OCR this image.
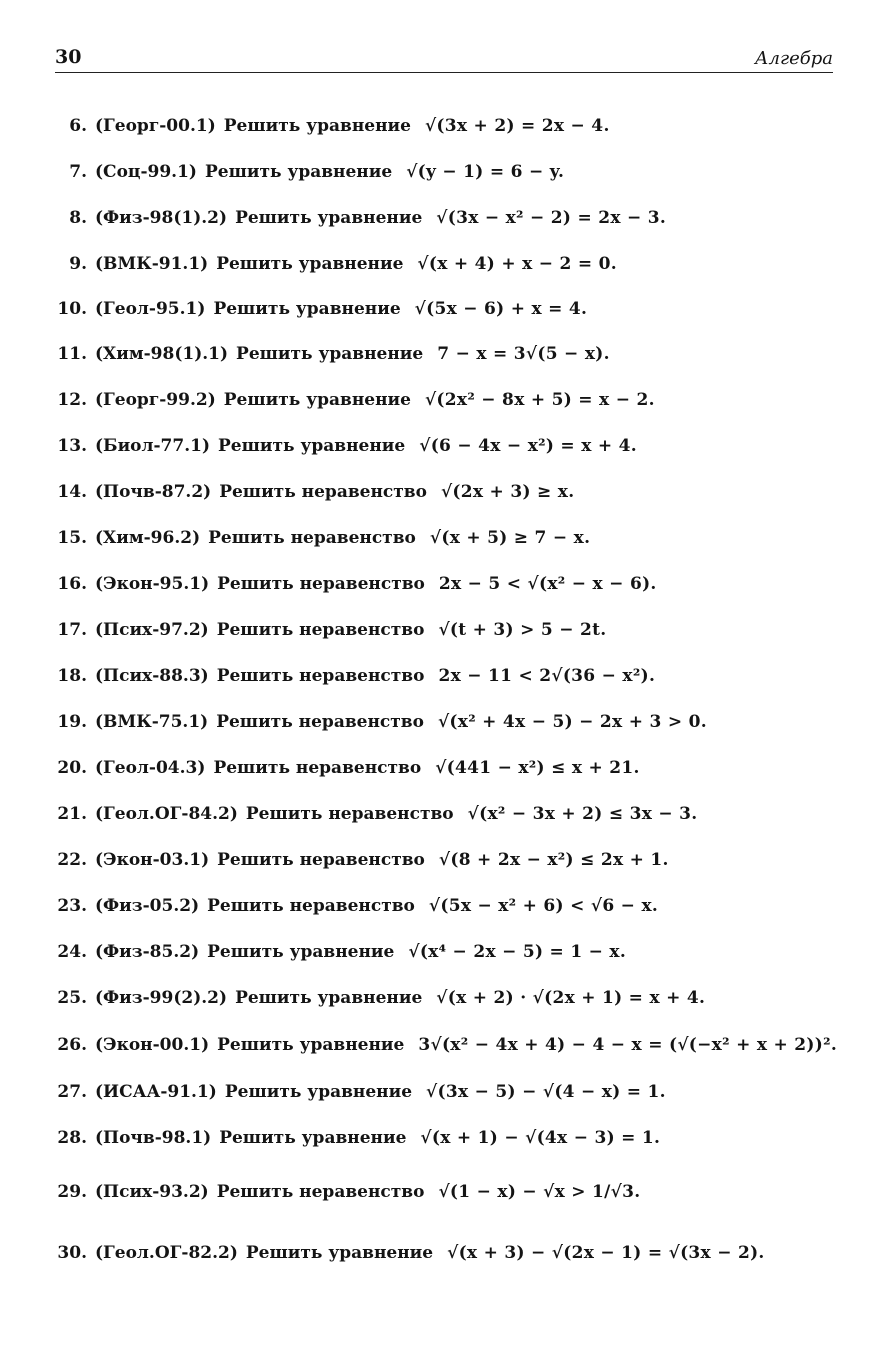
30	Алгебра
6. (Георг-00.1) Решить уравнение √(3x + 2) = 2x − 4.
7. (Соц-99.1) Решить уравнение √(y − 1) = 6 − y.
8. (Физ-98(1).2) Решить уравнение √(3x − x² − 2) = 2x − 3.
9. (ВМК-91.1) Решить уравнение √(x + 4) + x − 2 = 0.
10. (Геол-95.1) Решить уравнение √(5x − 6) + x = 4.
11. (Хим-98(1).1) Решить уравнение 7 − x = 3√(5 − x).
12. (Георг-99.2) Решить уравнение √(2x² − 8x + 5) = x − 2.
13. (Биол-77.1) Решить уравнение √(6 − 4x − x²) = x + 4.
14. (Почв-87.2) Решить неравенство √(2x + 3) ≥ x.
15. (Хим-96.2) Решить неравенство √(x + 5) ≥ 7 − x.
16. (Экон-95.1) Решить неравенство 2x − 5 < √(x² − x − 6).
17. (Псих-97.2) Решить неравенство √(t + 3) > 5 − 2t.
18. (Псих-88.3) Решить неравенство 2x − 11 < 2√(36 − x²).
19. (ВМК-75.1) Решить неравенство √(x² + 4x − 5) − 2x + 3 > 0.
20. (Геол-04.3) Решить неравенство √(441 − x²) ≤ x + 21.
21. (Геол.ОГ-84.2) Решить неравенство √(x² − 3x + 2) ≤ 3x − 3.
22. (Экон-03.1) Решить неравенство √(8 + 2x − x²) ≤ 2x + 1.
23. (Физ-05.2) Решить неравенство √(5x − x² + 6) < √6 − x.
24. (Физ-85.2) Решить уравнение √(x⁴ − 2x − 5) = 1 − x.
25. (Физ-99(2).2) Решить уравнение √(x + 2) · √(2x + 1) = x + 4.
26. (Экон-00.1) Решить уравнение 3√(x² − 4x + 4) − 4 − x = (√(−x² + x + 2))².
27. (ИСАА-91.1) Решить уравнение √(3x − 5) − √(4 − x) = 1.
28. (Почв-98.1) Решить уравнение √(x + 1) − √(4x − 3) = 1.
29. (Псих-93.2) Решить неравенство √(1 − x) − √x > 1/√3.
30. (Геол.ОГ-82.2) Решить уравнение √(x + 3) − √(2x − 1) = √(3x − 2).
